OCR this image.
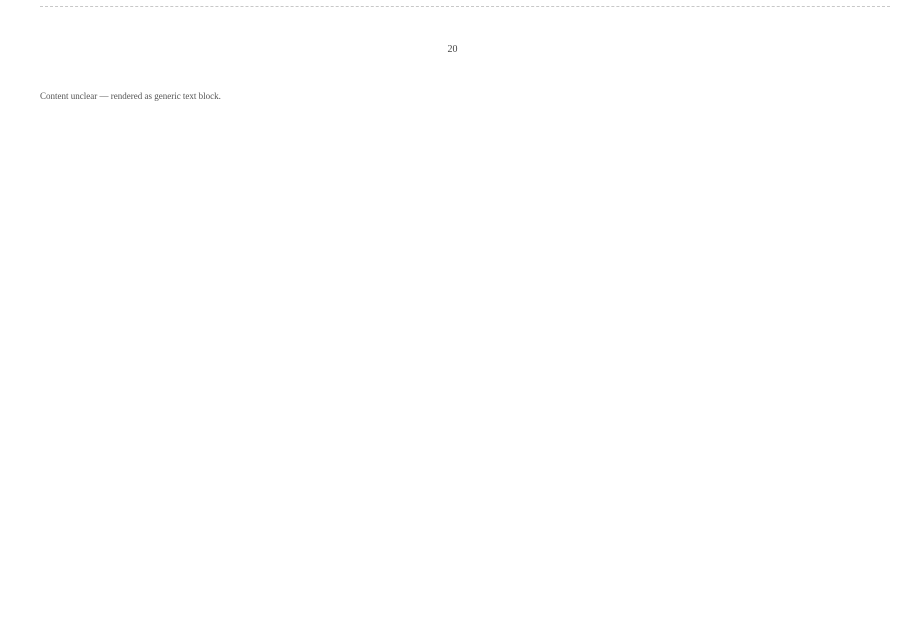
20

Content unclear — rendered as generic text block.
